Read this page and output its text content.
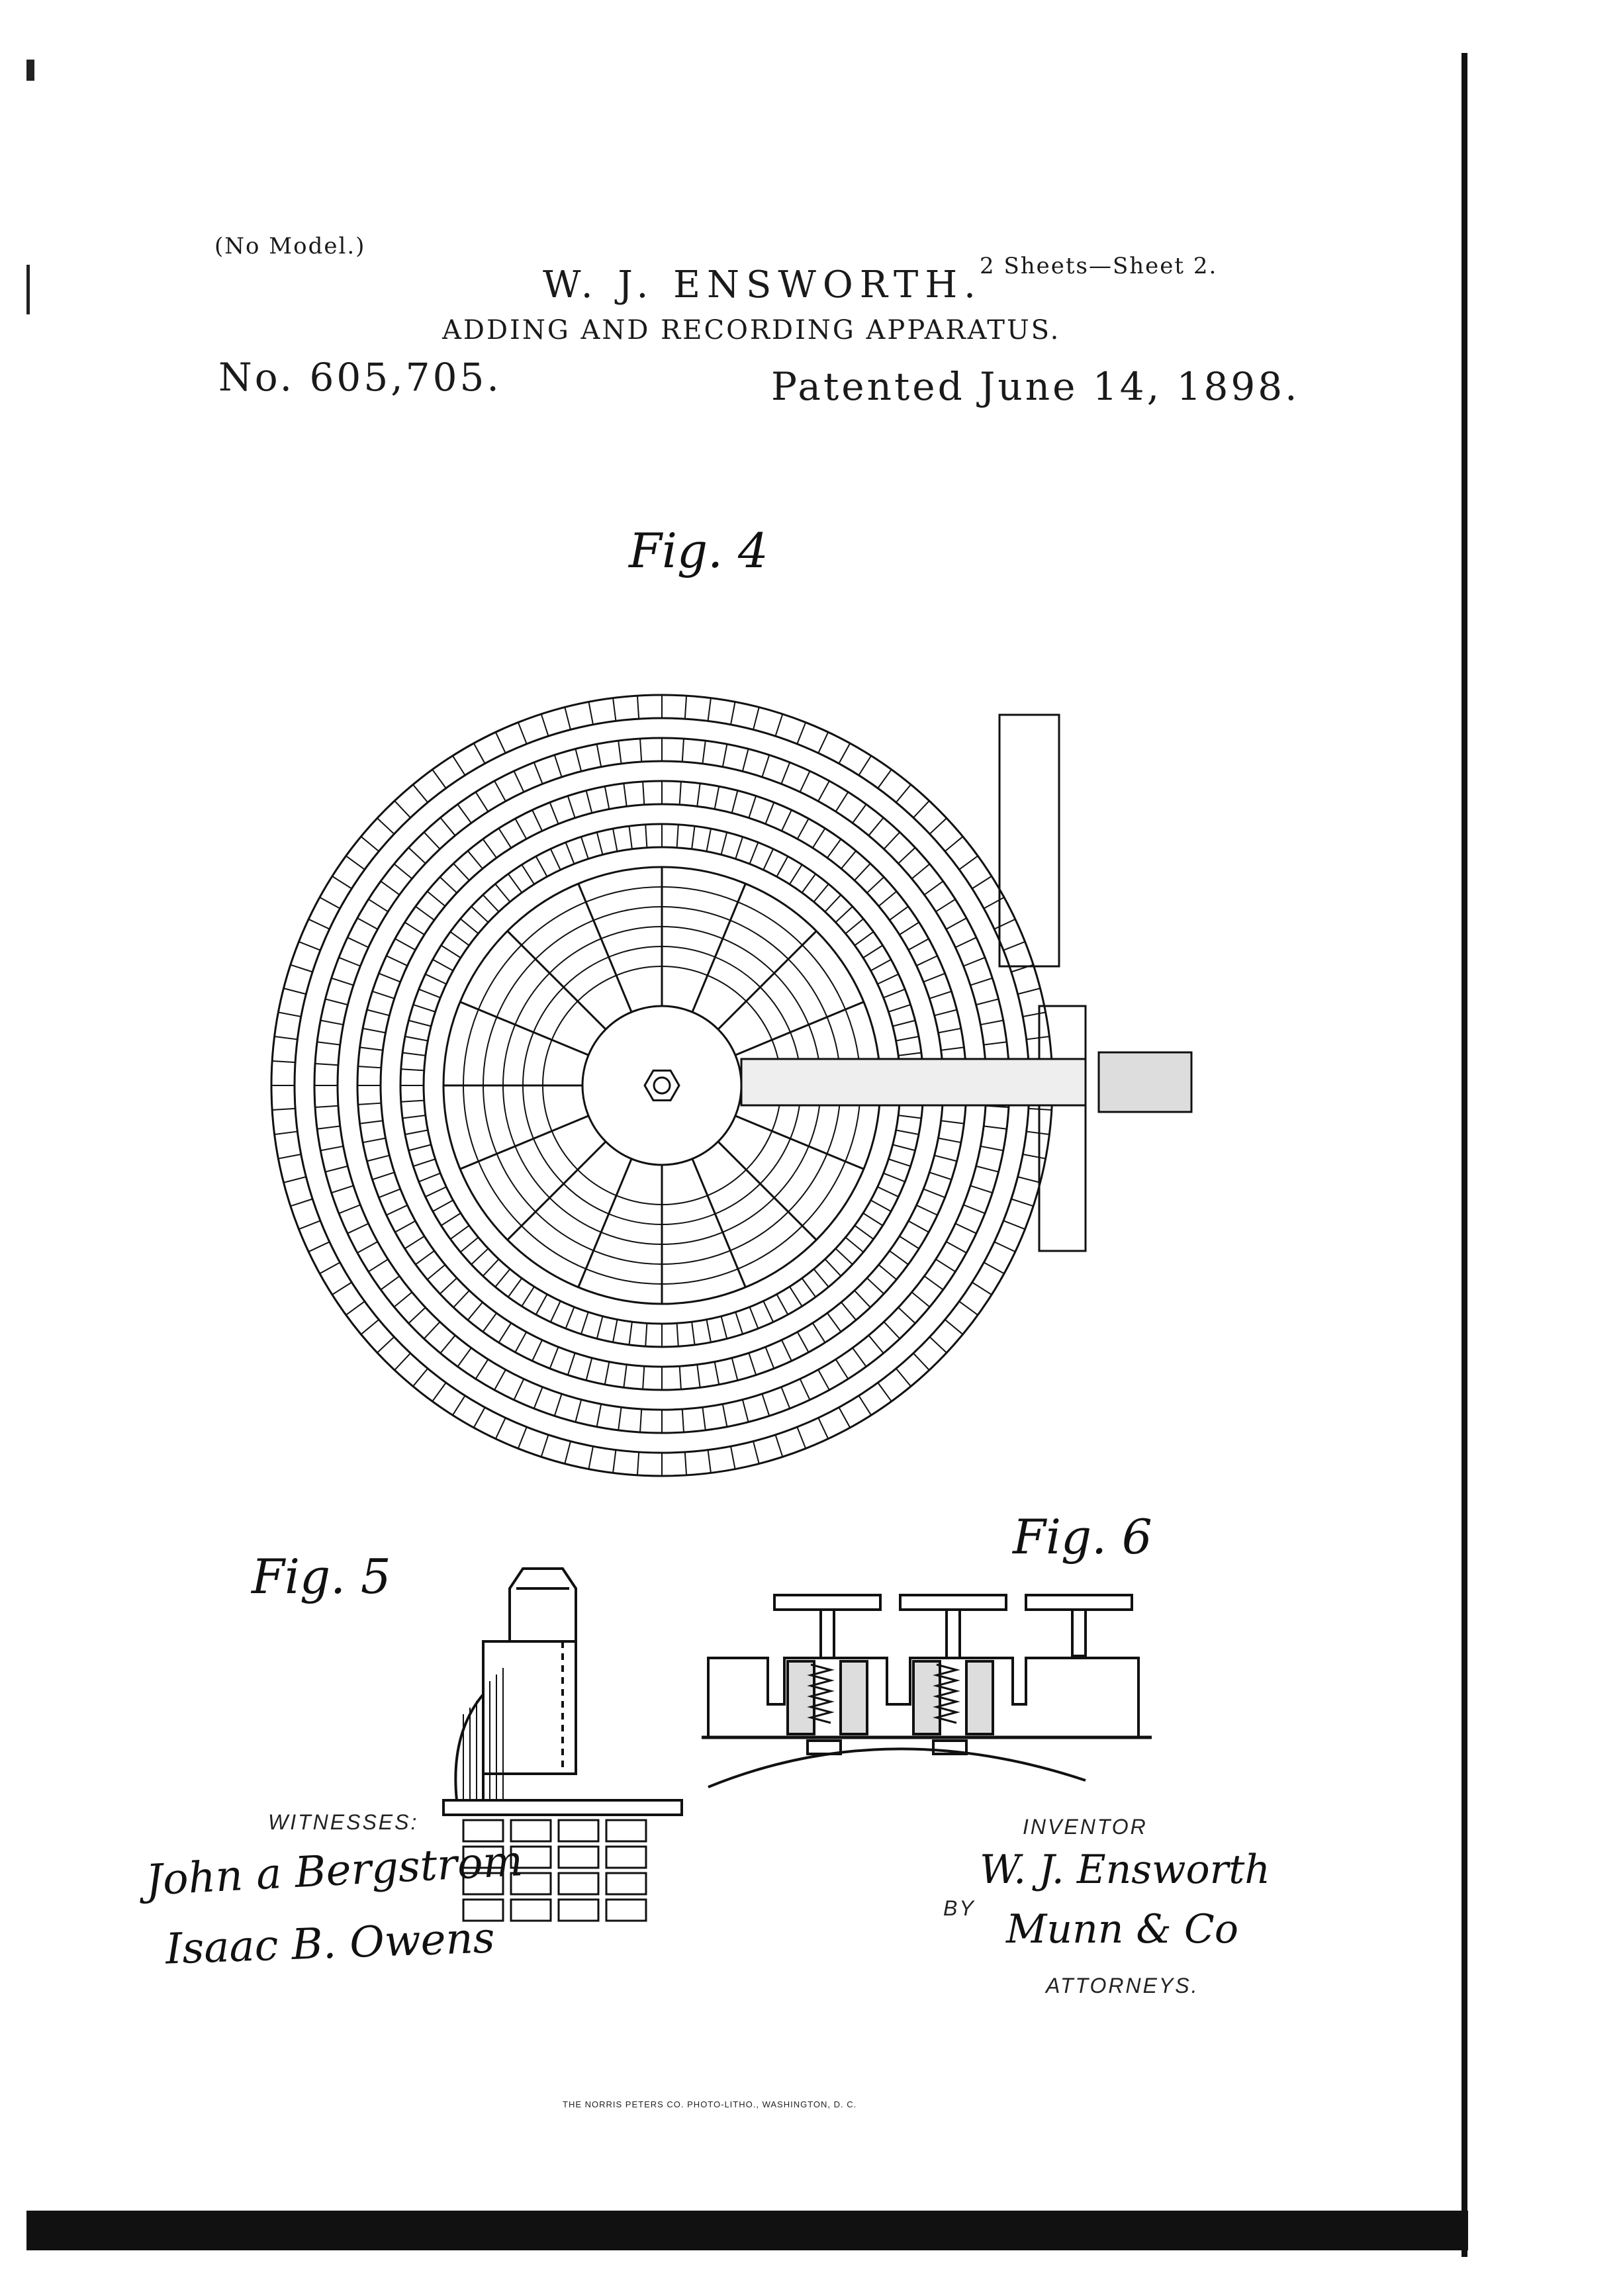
(No Model.)
2 Sheets—Sheet 2.
W. J. ENSWORTH.
ADDING AND RECORDING APPARATUS.
No. 605,705.	Patented June 14, 1898.
Fig. 4
Fig. 5
Fig. 6
WITNESSES:
John a Bergstrom
Isaac B. Owens
INVENTOR
W. J. Ensworth
BY Munn & Co
ATTORNEYS.
THE NORRIS PETERS CO. PHOTO-LITHO., WASHINGTON, D. C.
